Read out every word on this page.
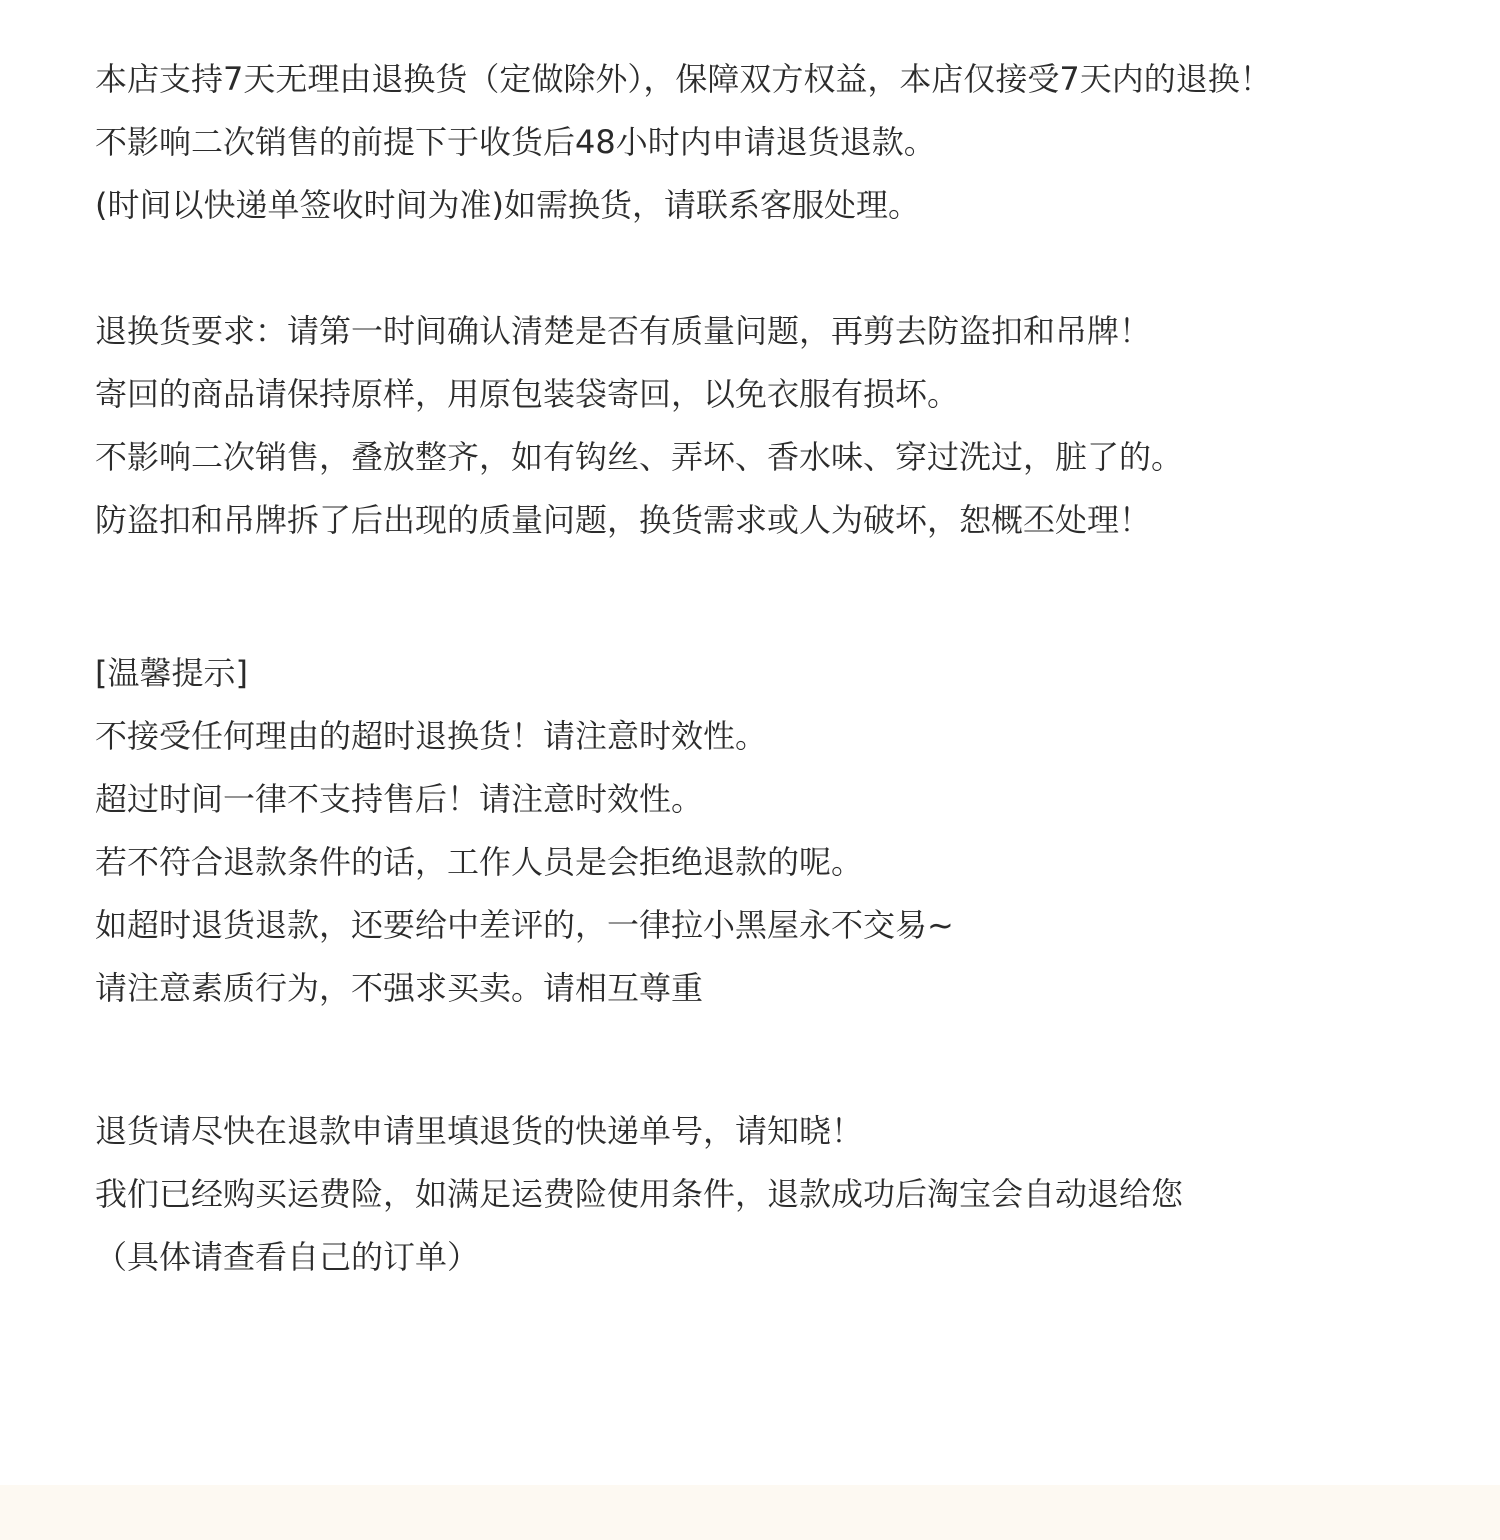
本店支持7天无理由退换货（定做除外），保障双方权益，本店仅接受7天内的退换！
不影响二次销售的前提下于收货后48小时内申请退货退款。
(时间以快递单签收时间为准)如需换货，请联系客服处理。
退换货要求：请第一时间确认清楚是否有质量问题，再剪去防盗扣和吊牌！
寄回的商品请保持原样，用原包装袋寄回，以免衣服有损坏。
不影响二次销售，叠放整齐，如有钩丝、弄坏、香水味、穿过洗过，脏了的。
防盗扣和吊牌拆了后出现的质量问题，换货需求或人为破坏，恕概丕处理！
[温馨提示]
不接受任何理由的超时退换货！请注意时效性。
超过时间一律不支持售后！请注意时效性。
若不符合退款条件的话，工作人员是会拒绝退款的呢。
如超时退货退款，还要给中差评的，一律拉小黑屋永不交易~
请注意素质行为，不强求买卖。请相互尊重
退货请尽快在退款申请里填退货的快递单号，请知晓！
我们已经购买运费险，如满足运费险使用条件，退款成功后淘宝会自动退给您
（具体请查看自己的订单）
